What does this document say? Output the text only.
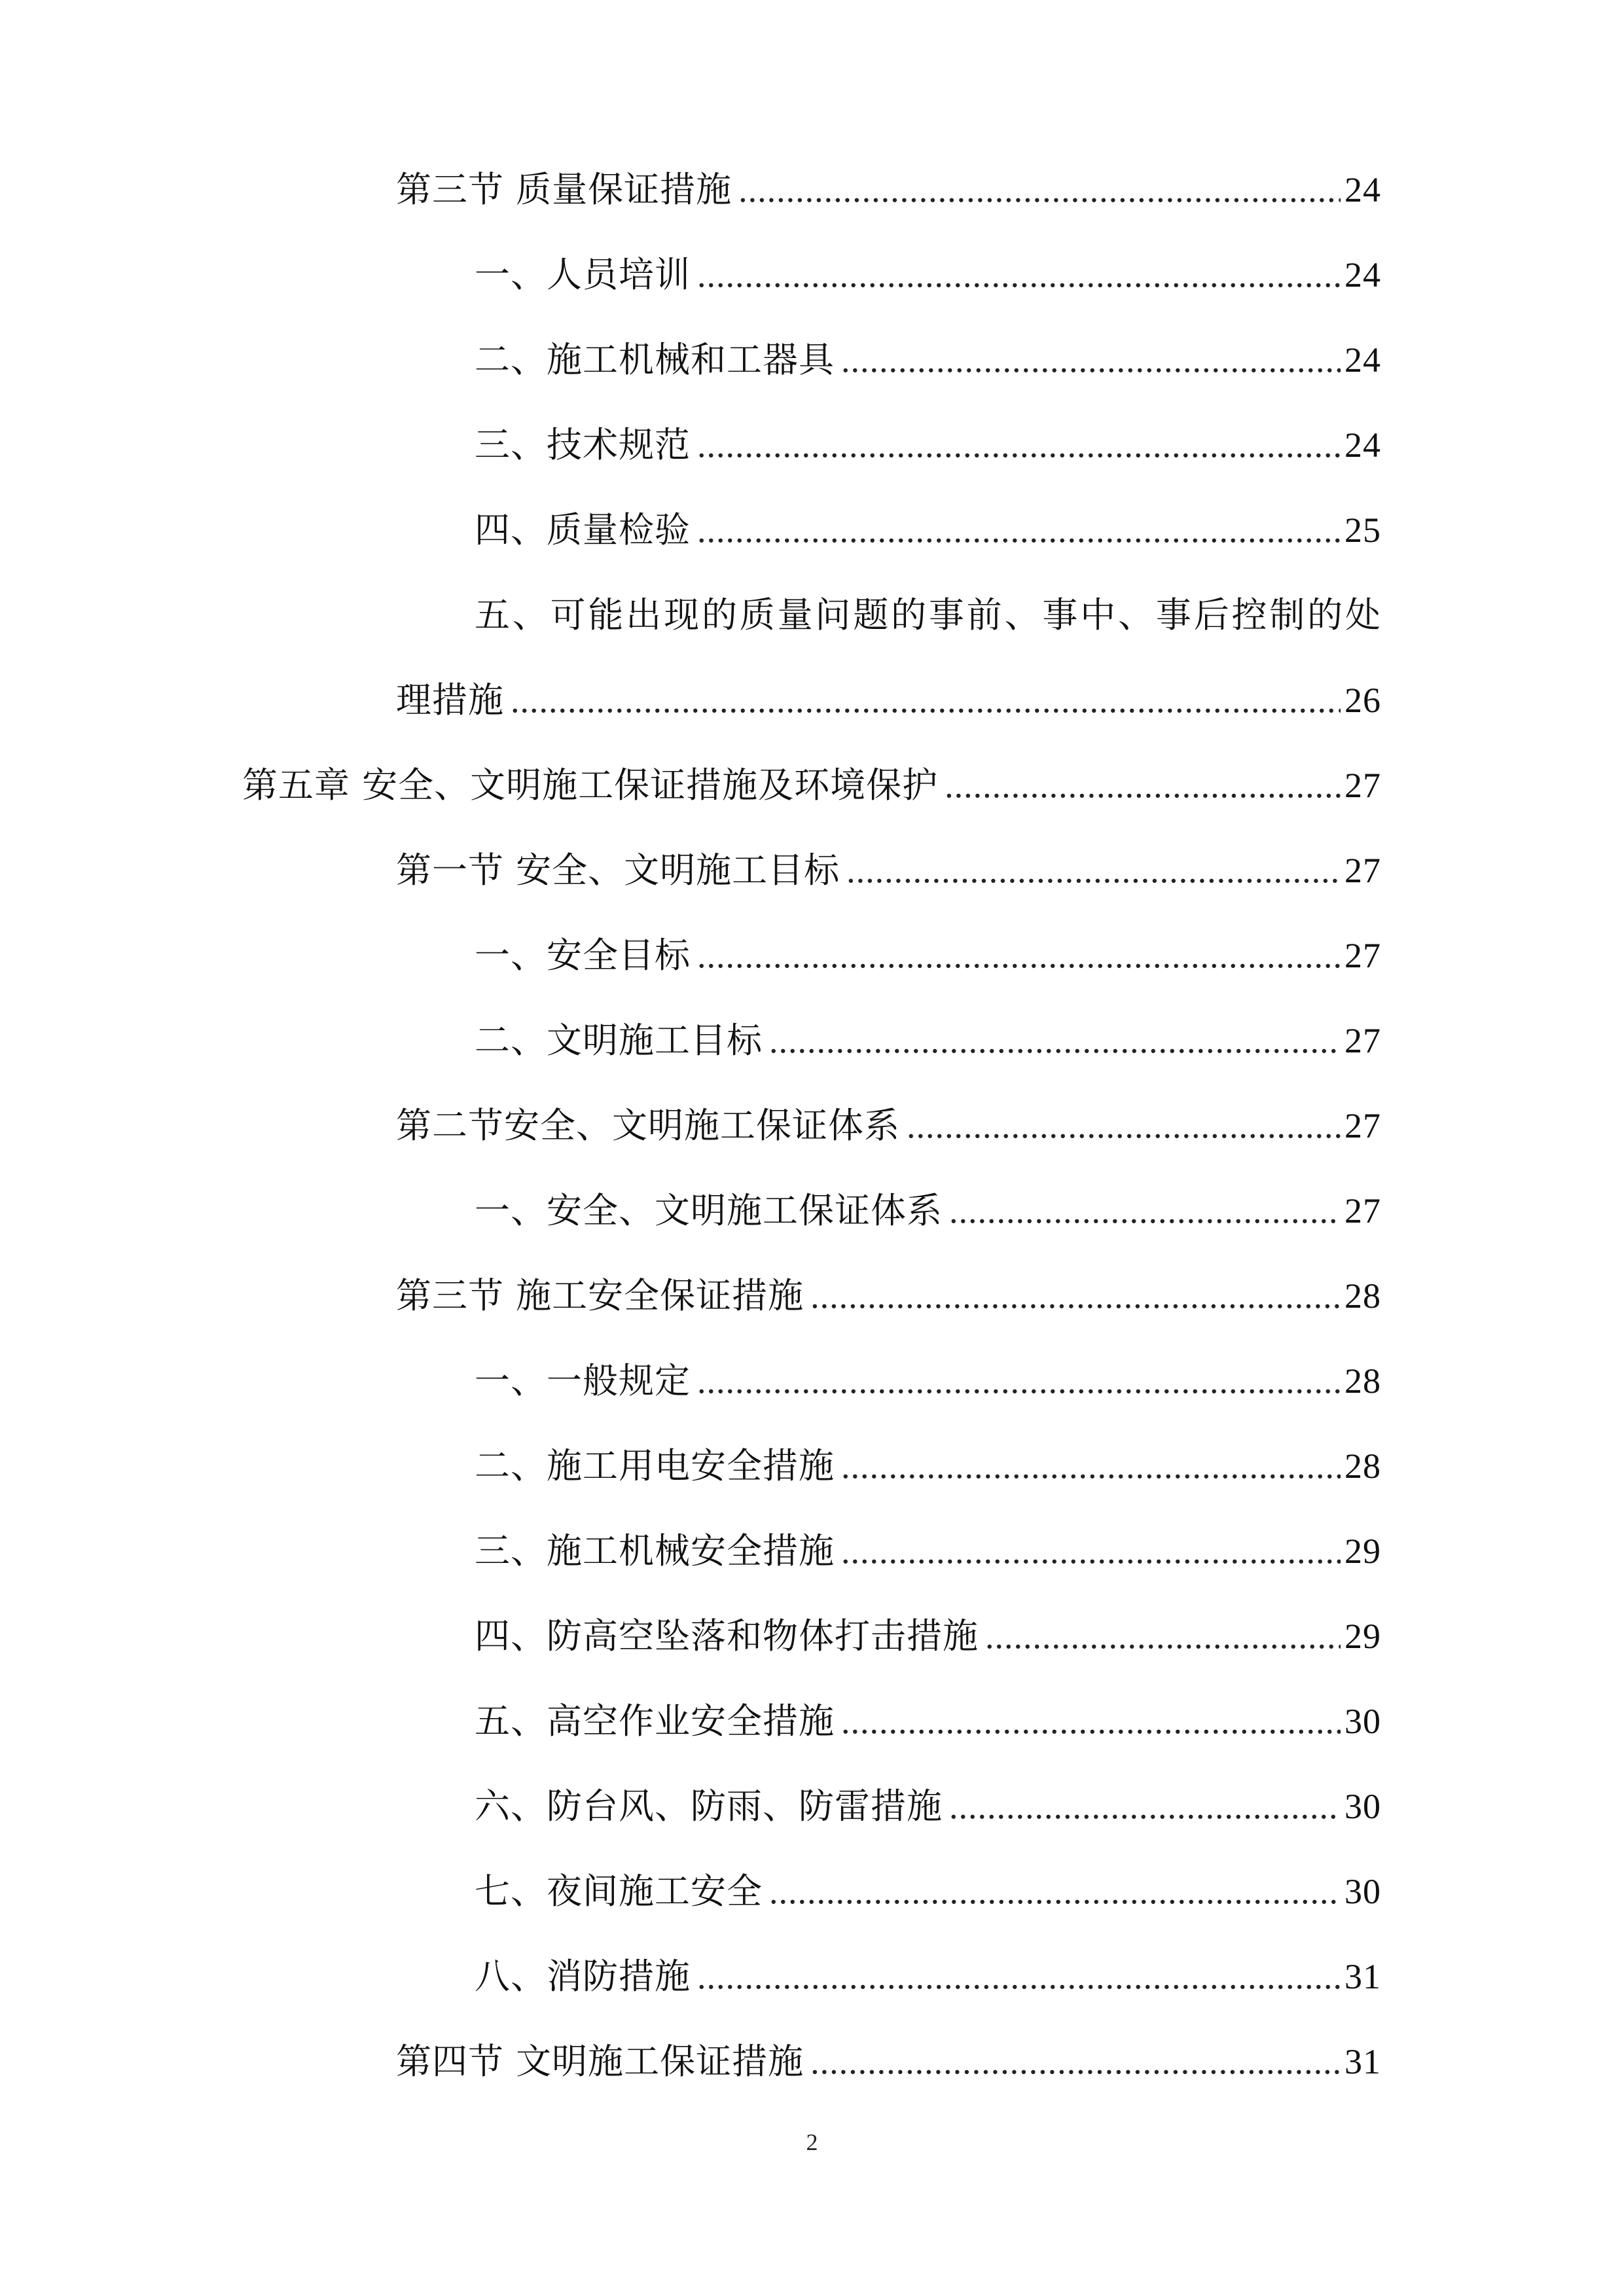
第三节 质量保证措施 .....	24
一、人员培训 .....	24
二、施工机械和工器具 .....	24
三、技术规范 .....	24
四、质量检验 .....	25
五、可能出现的质量问题的事前、事中、事后控制的处
理措施 .....	26
第五章 安全、文明施工保证措施及环境保护 .....	27
第一节 安全、文明施工目标 .....	27
一、安全目标 .....	27
二、文明施工目标 .....	27
第二节安全、文明施工保证体系 .....	27
一、安全、文明施工保证体系 .....	27
第三节 施工安全保证措施 .....	28
一、一般规定 .....	28
二、施工用电安全措施 .....	28
三、施工机械安全措施 .....	29
四、防高空坠落和物体打击措施 .....	29
五、高空作业安全措施 .....	30
六、防台风、防雨、防雷措施 .....	30
七、夜间施工安全 .....	30
八、消防措施 .....	31
第四节 文明施工保证措施 .....	31
2
